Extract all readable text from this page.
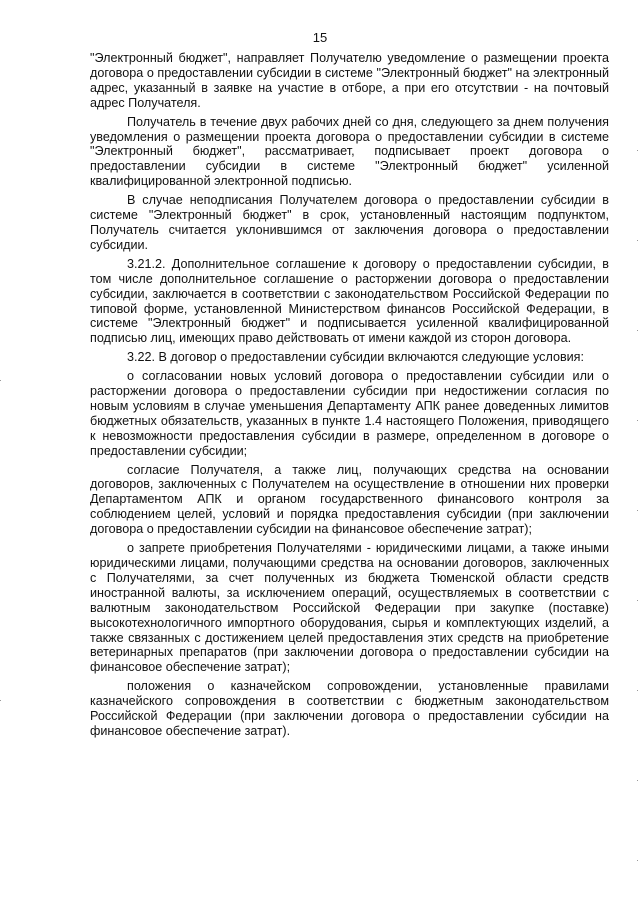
15

"Электронный бюджет", направляет Получателю уведомление о размещении проекта договора о предоставлении субсидии в системе "Электронный бюджет" на электронный адрес, указанный в заявке на участие в отборе, а при его отсутствии - на почтовый адрес Получателя.

Получатель в течение двух рабочих дней со дня, следующего за днем получения уведомления о размещении проекта договора о предоставлении субсидии в системе "Электронный бюджет", рассматривает, подписывает проект договора о предоставлении субсидии в системе "Электронный бюджет" усиленной квалифицированной электронной подписью.

В случае неподписания Получателем договора о предоставлении субсидии в системе "Электронный бюджет" в срок, установленный настоящим подпунктом, Получатель считается уклонившимся от заключения договора о предоставлении субсидии.

3.21.2. Дополнительное соглашение к договору о предоставлении субсидии, в том числе дополнительное соглашение о расторжении договора о предоставлении субсидии, заключается в соответствии с законодательством Российской Федерации по типовой форме, установленной Министерством финансов Российской Федерации, в системе "Электронный бюджет" и подписывается усиленной квалифицированной подписью лиц, имеющих право действовать от имени каждой из сторон договора.

3.22. В договор о предоставлении субсидии включаются следующие условия:

о согласовании новых условий договора о предоставлении субсидии или о расторжении договора о предоставлении субсидии при недостижении согласия по новым условиям в случае уменьшения Департаменту АПК ранее доведенных лимитов бюджетных обязательств, указанных в пункте 1.4 настоящего Положения, приводящего к невозможности предоставления субсидии в размере, определенном в договоре о предоставлении субсидии;

согласие Получателя, а также лиц, получающих средства на основании договоров, заключенных с Получателем на осуществление в отношении них проверки Департаментом АПК и органом государственного финансового контроля за соблюдением целей, условий и порядка предоставления субсидии (при заключении договора о предоставлении субсидии на финансовое обеспечение затрат);

о запрете приобретения Получателями - юридическими лицами, а также иными юридическими лицами, получающими средства на основании договоров, заключенных с Получателями, за счет полученных из бюджета Тюменской области средств иностранной валюты, за исключением операций, осуществляемых в соответствии с валютным законодательством Российской Федерации при закупке (поставке) высокотехнологичного импортного оборудования, сырья и комплектующих изделий, а также связанных с достижением целей предоставления этих средств на приобретение ветеринарных препаратов (при заключении договора о предоставлении субсидии на финансовое обеспечение затрат);

положения о казначейском сопровождении, установленные правилами казначейского сопровождения в соответствии с бюджетным законодательством Российской Федерации (при заключении договора о предоставлении субсидии на финансовое обеспечение затрат).
